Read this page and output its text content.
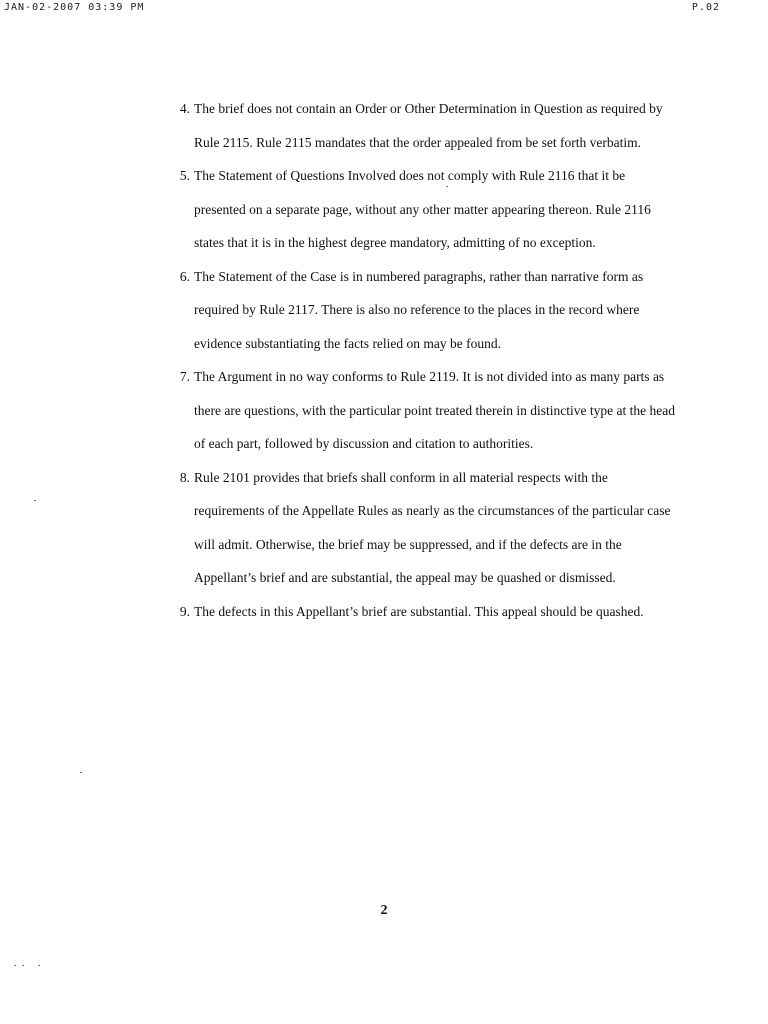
JAN-02-2007 03:39 PM	P.02
4. The brief does not contain an Order or Other Determination in Question as required by Rule 2115. Rule 2115 mandates that the order appealed from be set forth verbatim.
5. The Statement of Questions Involved does not comply with Rule 2116 that it be presented on a separate page, without any other matter appearing thereon. Rule 2116 states that it is in the highest degree mandatory, admitting of no exception.
6. The Statement of the Case is in numbered paragraphs, rather than narrative form as required by Rule 2117. There is also no reference to the places in the record where evidence substantiating the facts relied on may be found.
7. The Argument in no way conforms to Rule 2119. It is not divided into as many parts as there are questions, with the particular point treated therein in distinctive type at the head of each part, followed by discussion and citation to authorities.
8. Rule 2101 provides that briefs shall conform in all material respects with the requirements of the Appellate Rules as nearly as the circumstances of the particular case will admit. Otherwise, the brief may be suppressed, and if the defects are in the Appellant’s brief and are substantial, the appeal may be quashed or dismissed.
9. The defects in this Appellant’s brief are substantial. This appeal should be quashed.
2
